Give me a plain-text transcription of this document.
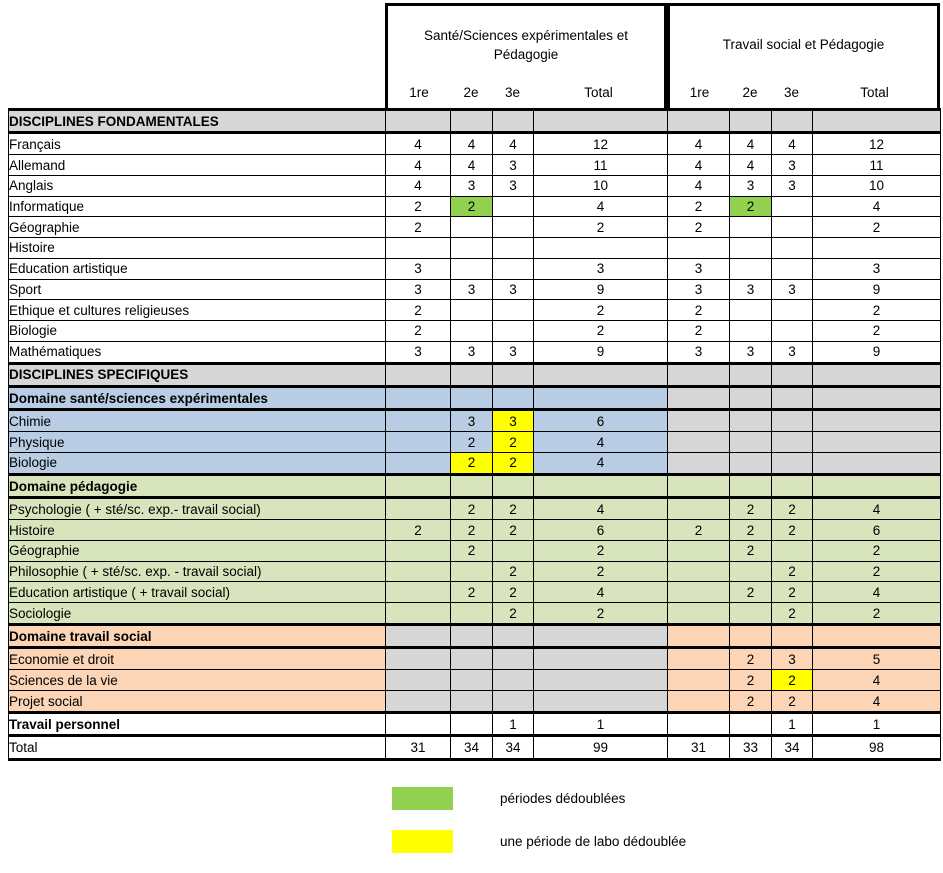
Santé/Sciences expérimentales et Pédagogie
1re	2e	3e	Total
Travail social et Pédagogie
1re	2e	3e	Total
DISCIPLINES FONDAMENTALES								
Français	4	4	4	12	4	4	4	12
Allemand	4	4	3	11	4	4	3	11
Anglais	4	3	3	10	4	3	3	10
Informatique	2	2		4	2	2		4
Géographie	2			2	2			2
Histoire								
Education artistique	3			3	3			3
Sport	3	3	3	9	3	3	3	9
Ethique et cultures religieuses	2			2	2			2
Biologie	2			2	2			2
Mathématiques	3	3	3	9	3	3	3	9
DISCIPLINES SPECIFIQUES								
Domaine santé/sciences expérimentales								
Chimie		3	3	6				
Physique		2	2	4				
Biologie		2	2	4				
Domaine pédagogie								
Psychologie ( + sté/sc. exp.- travail social)		2	2	4		2	2	4
Histoire	2	2	2	6	2	2	2	6
Géographie		2		2		2		2
Philosophie ( + sté/sc. exp. - travail social)			2	2			2	2
Education artistique ( + travail social)		2	2	4		2	2	4
Sociologie			2	2			2	2
Domaine travail social								
Economie et droit						2	3	5
Sciences de la vie						2	2	4
Projet social						2	2	4
Travail personnel			1	1			1	1
Total	31	34	34	99	31	33	34	98
périodes dédoublées
une période de labo dédoublée
